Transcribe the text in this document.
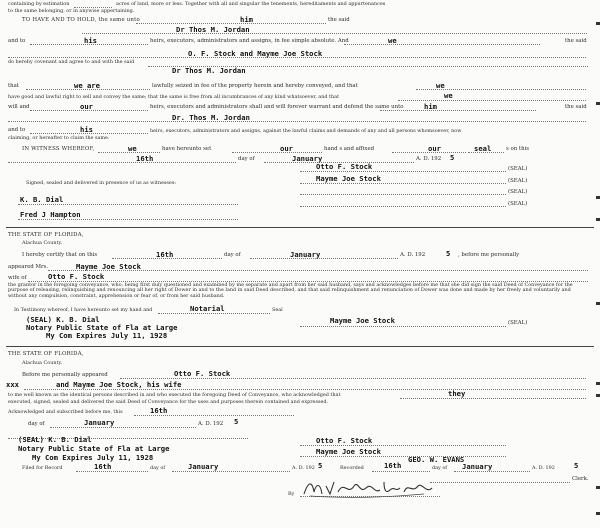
containing by estimation	acres of land, more or less. Together with all and singular the tenements, hereditaments and appurtenances
to the same belonging, or in anywise appertaining.
TO HAVE AND TO HOLD, the same unto	him	the said
Dr Thos M. Jordan
and to	his	heirs, executors, administrators and assigns, in fee simple absolute. And	we	the said
O. F. Stock and Mayme Joe Stock
do hereby covenant and agree to and with the said
Dr Thos M. Jordan
that	we are	lawfully seized in fee of the property herein and hereby conveyed, and that	we
have good and lawful right to sell and convey the same; that the same is free from all incumbrances of any kind whatsoever, and that	we
will and	our	heirs, executors and administrators shall and will forever warrant and defend the same unto	him	the said
Dr. Thos M. Jordan
and to	his	heirs, executors, administrators and assigns, against the lawful claims and demands of any and all persons whomsoever, now
claiming, or hereafter to claim the same.
IN WITNESS WHEREOF,	we	have hereunto set	our	hand s and affixed	our	seal	s on this
16th	day of	January	A. D. 192 5
Otto F. Stock	(SEAL)
Mayme Joe Stock	(SEAL)
Signed, sealed and delivered in presence of us as witnesses:
(SEAL)
K. B. Dial	(SEAL)
Fred J Hampton
THE STATE OF FLORIDA,
Alachua County.
I hereby certify that on this	16th	day of	January	A. D. 192	5 , before me personally
appeared Mrs.	Mayme Joe Stock
wife of	Otto F. Stock
the grantor in the foregoing conveyance, who, being first duly questioned and examined by me separate and apart from her said husband, says and acknowledges before me that she did sign the said Deed of Conveyance for the purpose of releasing, relinquishing and renouncing all her right of Dower in and to the land in said Deed described, and that said relinquishment and renunciation of Dower was done and made by her freely and voluntarily and without any compulsion, constraint, apprehension or fear of, or from her said husband.
In Testimony whereof, I have hereunto set my hand and	Notarial	Seal
(SEAL) K. B. Dial
Notary Public State of Fla at Large
My Com Expires July 11, 1928
Mayme Joe Stock	(SEAL)
THE STATE OF FLORIDA,
Alachua County.
Before me personally appeared	Otto F. Stock
xxx	and Mayme Joe Stock, his wife
to me well known as the identical persons described in and who executed the foregoing Deed of Conveyance, who acknowledged that	they
executed, signed, sealed and delivered the said Deed of Conveyance for the uses and purposes therein contained and expressed.
Acknowledged and subscribed before me, this	16th
day of	January	A. D. 192 5
(SEAL) K. B. Dial
Notary Public State of Fla at Large
My Com Expires July 11, 1928
Otto F. Stock
Mayme Joe Stock
Filed for Record	16th	day of	January	A. D. 192 5	Recorded	16th
GEO. W. EVANS
day of January	A. D. 192	5
Clerk.
By
